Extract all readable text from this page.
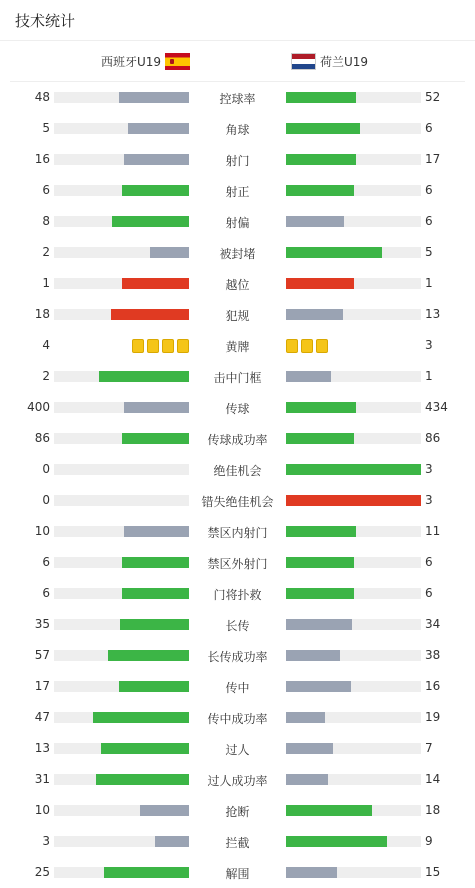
技术统计
西班牙U19	荷兰U19
48	控球率	52
5	角球	6
16	射门	17
6	射正	6
8	射偏	6
2	被封堵	5
1	越位	1
18	犯规	13
4	黄牌	3
2	击中门框	1
400	传球	434
86	传球成功率	86
0	绝佳机会	3
0	错失绝佳机会	3
10	禁区内射门	11
6	禁区外射门	6
6	门将扑救	6
35	长传	34
57	长传成功率	38
17	传中	16
47	传中成功率	19
13	过人	7
31	过人成功率	14
10	抢断	18
3	拦截	9
25	解围	15
